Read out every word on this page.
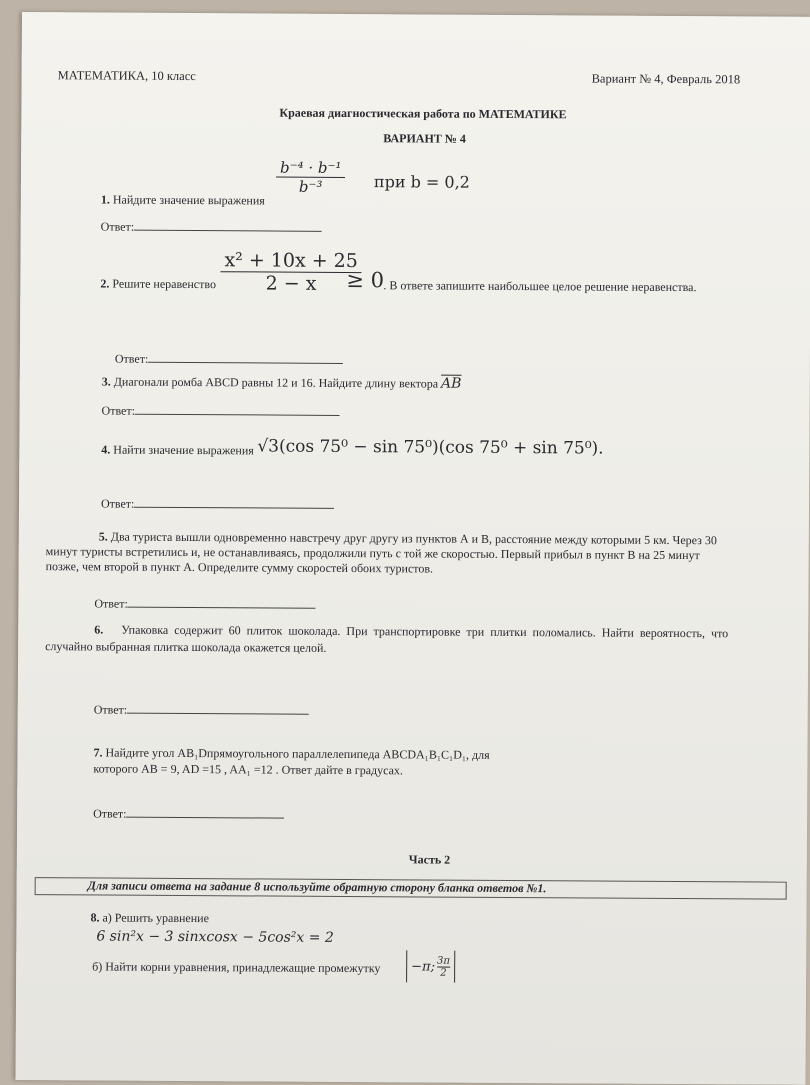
МАТЕМАТИКА, 10 класс	Вариант № 4, Февраль 2018
Краевая диагностическая работа по МАТЕМАТИКЕ
ВАРИАНТ № 4
1. Найдите значение выражения
$\frac{\text{b⁻⁴ · b⁻¹}}{\text{b⁻³}}$ при b = 0,2
Ответ:
2. Решите неравенство $\frac{\text{x² + 10x + 25}}{2 - x}$
≥ 0 . В ответе запишите наибольшее целое решение неравенства.
Ответ:
3. Диагонали ромба ABCD равны 12 и 16. Найдите длину вектора $\overline{AB}$
Ответ:
4. Найти значение выражения √3(cos 75⁰ − sin 75⁰)(cos 75⁰ + sin 75⁰).
Ответ:
5. Два туриста вышли одновременно навстречу друг другу из пунктов А и В, расстояние между которыми 5 км. Через 30
минут туристы встретились и, не останавливаясь, продолжили путь с той же скоростью. Первый прибыл в пункт В на 25 минут
позже, чем второй в пункт А. Определите сумму скоростей обоих туристов.
Ответ:
6. Упаковка содержит 60 плиток шоколада. При транспортировке три плитки поломались. Найти вероятность, что
случайно выбранная плитка шоколада окажется целой.
Ответ:
7. Найдите угол AB₁Dпрямоугольного параллелепипеда ABCDA₁B₁C₁D₁, для
которого AB = 9, AD =15 , AA₁ =12 . Ответ дайте в градусах.
Ответ:
Часть 2
Для записи ответа на задание 8 используйте обратную сторону бланка ответов №1.
8. а) Решить уравнение
6 sin²x − 3 sinxcosx − 5cos²x = 2
б) Найти корни уравнения, принадлежащие промежутку −π; $\frac{3\pi}{2}$
